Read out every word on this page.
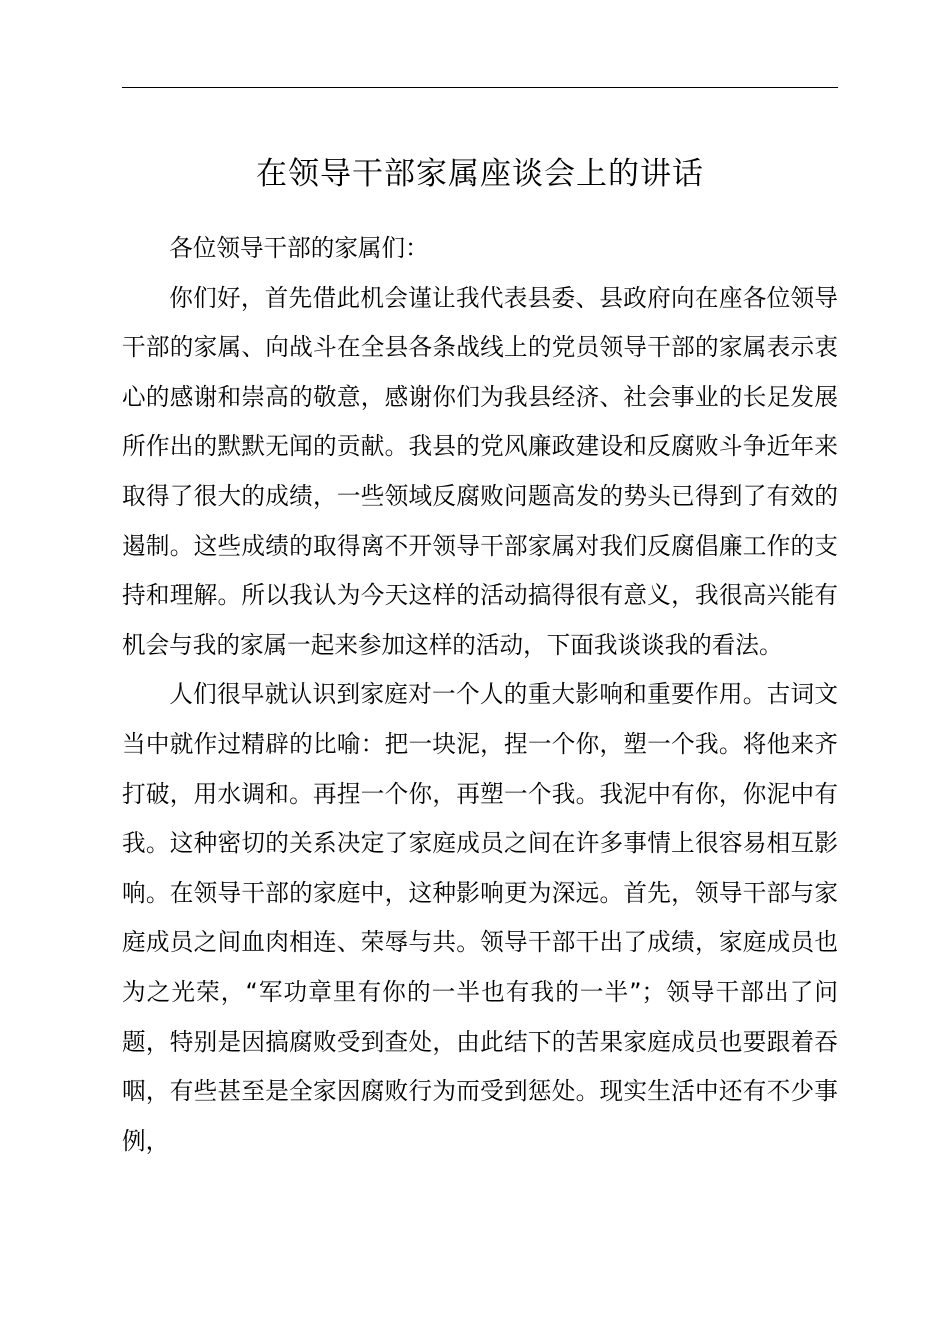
在领导干部家属座谈会上的讲话

各位领导干部的家属们：

你们好，首先借此机会谨让我代表县委、县政府向在座各位领导干部的家属、向战斗在全县各条战线上的党员领导干部的家属表示衷心的感谢和崇高的敬意，感谢你们为我县经济、社会事业的长足发展所作出的默默无闻的贡献。我县的党风廉政建设和反腐败斗争近年来取得了很大的成绩，一些领域反腐败问题高发的势头已得到了有效的遏制。这些成绩的取得离不开领导干部家属对我们反腐倡廉工作的支持和理解。所以我认为今天这样的活动搞得很有意义，我很高兴能有机会与我的家属一起来参加这样的活动，下面我谈谈我的看法。

人们很早就认识到家庭对一个人的重大影响和重要作用。古词文当中就作过精辟的比喻：把一块泥，捏一个你，塑一个我。将他来齐打破，用水调和。再捏一个你，再塑一个我。我泥中有你，你泥中有我。这种密切的关系决定了家庭成员之间在许多事情上很容易相互影响。在领导干部的家庭中，这种影响更为深远。首先，领导干部与家庭成员之间血肉相连、荣辱与共。领导干部干出了成绩，家庭成员也为之光荣，“军功章里有你的一半也有我的一半”；领导干部出了问题，特别是因搞腐败受到查处，由此结下的苦果家庭成员也要跟着吞咽，有些甚至是全家因腐败行为而受到惩处。现实生活中还有不少事例，
